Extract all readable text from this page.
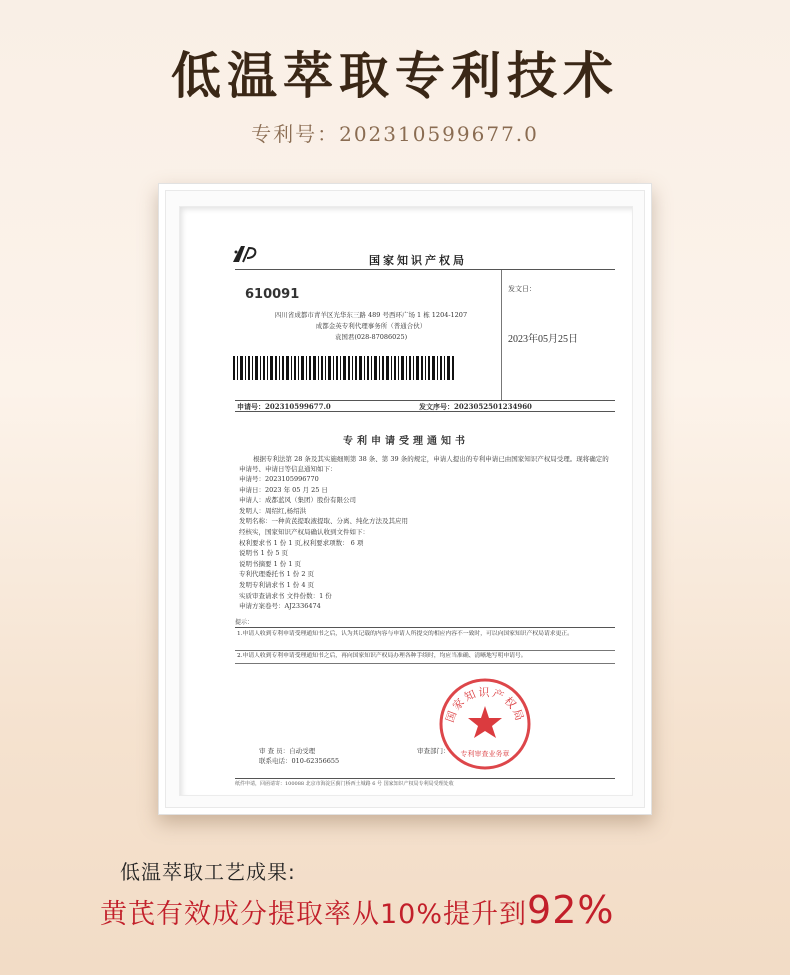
低温萃取专利技术
专利号：202310599677.0
国家知识产权局
610091
四川省成都市青羊区光华东三路 489 号西环广场 1 栋 1204-1207
成都金英专利代理事务所（普通合伙）
袁国君(028-87086025)
发文日：
2023年05月25日
申请号：202310599677.0	发文序号：2023052501234960
专利申请受理通知书
根据专利法第 28 条及其实施细则第 38 条、第 39 条的规定，申请人提出的专利申请已由国家知识产权局受理。现将确定的申请号、申请日等信息通知如下：
申请号：2023105996770
申请日：2023 年 05 月 25 日
申请人：成都蓝风（集团）股份有限公司
发明人：周绍红,杨绍洪
发明名称：一种黄芪提取液提取、分离、纯化方法及其应用
经核实，国家知识产权局确认收到文件如下：
权利要求书 1 份 1 页,权利要求项数： 6 项
说明书 1 份 5 页
说明书摘要 1 份 1 页
专利代理委托书 1 份 2 页
发明专利请求书 1 份 4 页
实质审查请求书 文件份数：1 份
申请方案卷号：AJ2336474
提示：
1.申请人收到专利申请受理通知书之后，认为其记载的内容与申请人所提交的相应内容不一致时，可以向国家知识产权局请求更正。
2.申请人收到专利申请受理通知书之后，再向国家知识产权局办理各种手续时，均应当准确、清晰地写明申请号。
审 查 员：自动受理
联系电话：010-62356655
审查部门：
国家知识产权局
专利审查业务章
纸件申请，回函请寄：100088 北京市海淀区蓟门桥西土城路 6 号 国家知识产权局专利局受理处收
低温萃取工艺成果:
黄芪有效成分提取率从10%提升到92%
